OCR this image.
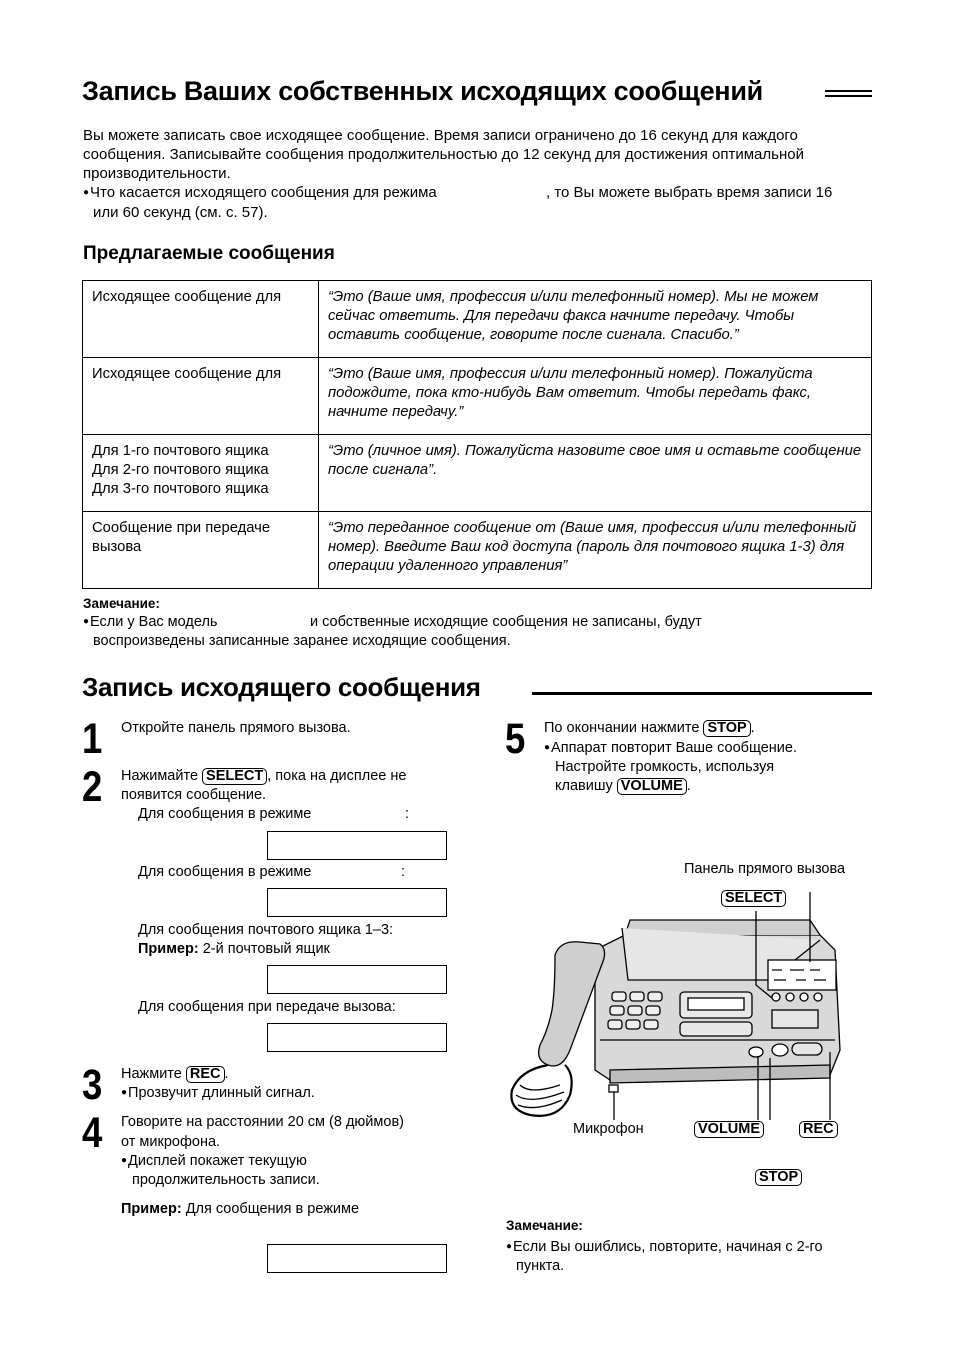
Запись Ваших собственных исходящих сообщений
Вы можете записать свое исходящее сообщение. Время записи ограничено до 16 секунд для каждого сообщения. Записывайте сообщения продолжительностью до 12 секунд для достижения оптимальной производительности.
● Что касается исходящего сообщения для режима	, то Вы можете выбрать время записи 16
или 60 секунд (см. с. 57).
Предлагаемые сообщения
Исходящее сообщение для	“Это (Ваше имя, профессия и/или телефонный номер). Мы не можем сейчас ответить. Для передачи факса начните передачу. Чтобы оставить сообщение, говорите после сигнала. Спасибо.”
Исходящее сообщение для	“Это (Ваше имя, профессия и/или телефонный номер). Пожалуйста подождите, пока кто-нибудь Вам ответит. Чтобы передать факс, начните передачу.”
Для 1-го почтового ящика
Для 2-го почтового ящика
Для 3-го почтового ящика	“Это (личное имя). Пожалуйста назовите свое имя и оставьте сообщение после сигнала”.
Сообщение при передаче вызова	“Это переданное сообщение от (Ваше имя, профессия и/или телефонный номер). Введите Ваш код доступа (пароль для почтового ящика 1-3) для операции удаленного управления”
Замечание:
● Если у Вас модель	и собственные исходящие сообщения не записаны, будут
воспроизведены записанные заранее исходящие сообщения.
Запись исходящего сообщения
1 Откройте панель прямого вызова.
2 Нажимайте SELECT , пока на дисплее не
появится сообщение.
Для сообщения в режиме	:
Для сообщения в режиме	:
Для сообщения почтового ящика 1–3:
Пример: 2-й почтовый ящик
Для сообщения при передаче вызова:
3 Нажмите REC .
● Прозвучит длинный сигнал.
4 Говорите на расстоянии 20 см (8 дюймов)
от микрофона.
● Дисплей покажет текущую
продолжительность записи.
Пример: Для сообщения в режиме
5 По окончании нажмите STOP .
● Аппарат повторит Ваше сообщение.
Настройте громкость, используя
клавишу VOLUME .
Панель прямого вызова
SELECT
Микрофон	VOLUME	REC
STOP
Замечание:
● Если Вы ошиблись, повторите, начиная с 2-го
пункта.
